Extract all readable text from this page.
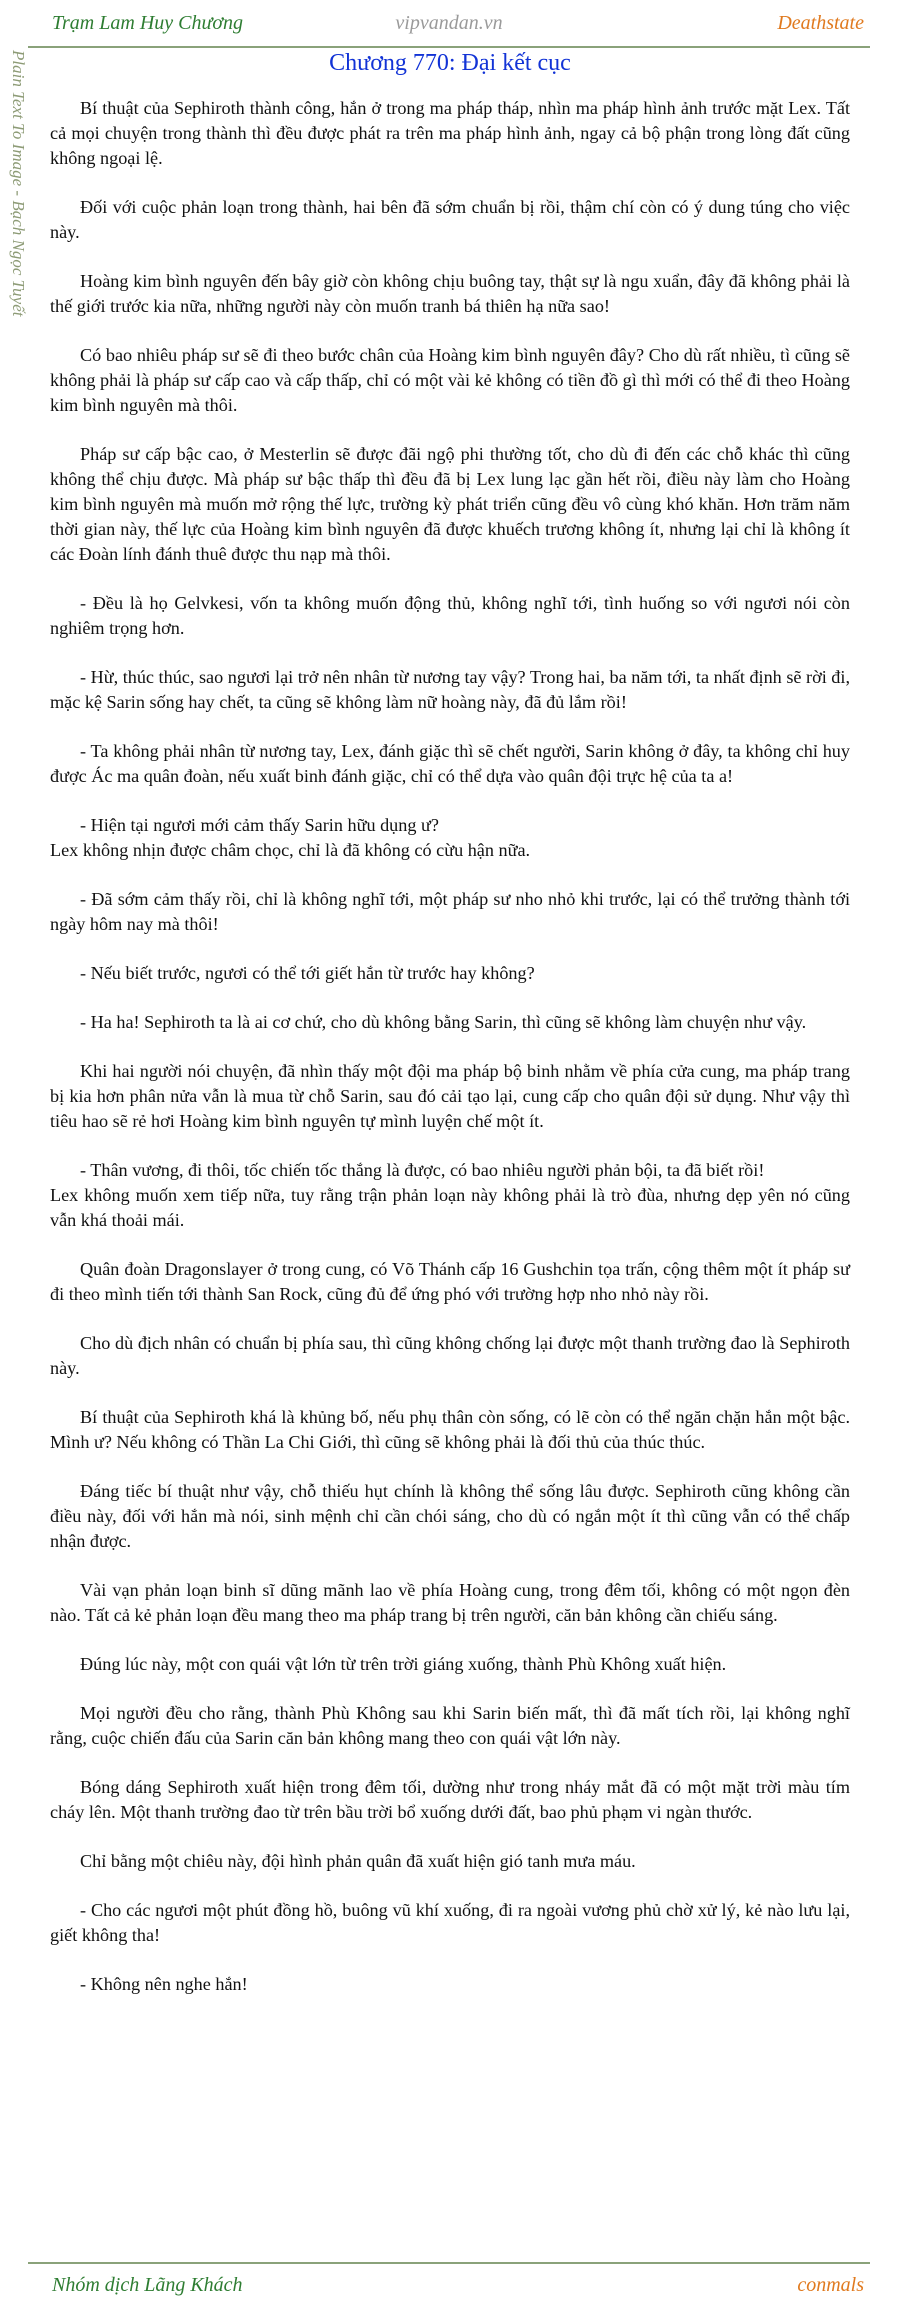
Trạm Lam Huy Chương	vipvandan.vn	Deathstate
Plain Text To Image - Bạch Ngọc Tuyết	Chương 770: Đại kết cục

Bí thuật của Sephiroth thành công, hắn ở trong ma pháp tháp, nhìn ma pháp hình ảnh trước mặt Lex. Tất cả mọi chuyện trong thành thì đều được phát ra trên ma pháp hình ảnh, ngay cả bộ phận trong lòng đất cũng không ngoại lệ.

Đối với cuộc phản loạn trong thành, hai bên đã sớm chuẩn bị rồi, thậm chí còn có ý dung túng cho việc này.

Hoàng kim bình nguyên đến bây giờ còn không chịu buông tay, thật sự là ngu xuẩn, đây đã không phải là thế giới trước kia nữa, những người này còn muốn tranh bá thiên hạ nữa sao!

Có bao nhiêu pháp sư sẽ đi theo bước chân của Hoàng kim bình nguyên đây? Cho dù rất nhiều, tì cũng sẽ không phải là pháp sư cấp cao và cấp thấp, chỉ có một vài kẻ không có tiền đồ gì thì mới có thể đi theo Hoàng kim bình nguyên mà thôi.

Pháp sư cấp bậc cao, ở Mesterlin sẽ được đãi ngộ phi thường tốt, cho dù đi đến các chỗ khác thì cũng không thể chịu được. Mà pháp sư bậc thấp thì đều đã bị Lex lung lạc gần hết rồi, điều này làm cho Hoàng kim bình nguyên mà muốn mở rộng thế lực, trường kỳ phát triển cũng đều vô cùng khó khăn. Hơn trăm năm thời gian này, thế lực của Hoàng kim bình nguyên đã được khuếch trương không ít, nhưng lại chỉ là không ít các Đoàn lính đánh thuê được thu nạp mà thôi.

- Đều là họ Gelvkesi, vốn ta không muốn động thủ, không nghĩ tới, tình huống so với ngươi nói còn nghiêm trọng hơn.

- Hừ, thúc thúc, sao ngươi lại trở nên nhân từ nương tay vậy? Trong hai, ba năm tới, ta nhất định sẽ rời đi, mặc kệ Sarin sống hay chết, ta cũng sẽ không làm nữ hoàng này, đã đủ lắm rồi!

- Ta không phải nhân từ nương tay, Lex, đánh giặc thì sẽ chết người, Sarin không ở đây, ta không chỉ huy được Ác ma quân đoàn, nếu xuất binh đánh giặc, chỉ có thể dựa vào quân đội trực hệ của ta a!

- Hiện tại ngươi mới cảm thấy Sarin hữu dụng ư?

Lex không nhịn được châm chọc, chỉ là đã không có cừu hận nữa.

- Đã sớm cảm thấy rồi, chỉ là không nghĩ tới, một pháp sư nho nhỏ khi trước, lại có thể trưởng thành tới ngày hôm nay mà thôi!

- Nếu biết trước, ngươi có thể tới giết hắn từ trước hay không?

- Ha ha! Sephiroth ta là ai cơ chứ, cho dù không bằng Sarin, thì cũng sẽ không làm chuyện như vậy.

Khi hai người nói chuyện, đã nhìn thấy một đội ma pháp bộ binh nhằm về phía cửa cung, ma pháp trang bị kia hơn phân nửa vẫn là mua từ chỗ Sarin, sau đó cải tạo lại, cung cấp cho quân đội sử dụng. Như vậy thì tiêu hao sẽ rẻ hơi Hoàng kim bình nguyên tự mình luyện chế một ít.

- Thân vương, đi thôi, tốc chiến tốc thắng là được, có bao nhiêu người phản bội, ta đã biết rồi!

Lex không muốn xem tiếp nữa, tuy rằng trận phản loạn này không phải là trò đùa, nhưng dẹp yên nó cũng vẫn khá thoải mái.

Quân đoàn Dragonslayer ở trong cung, có Võ Thánh cấp 16 Gushchin tọa trấn, cộng thêm một ít pháp sư đi theo mình tiến tới thành San Rock, cũng đủ để ứng phó với trường hợp nho nhỏ này rồi.

Cho dù địch nhân có chuẩn bị phía sau, thì cũng không chống lại được một thanh trường đao là Sephiroth này.

Bí thuật của Sephiroth khá là khủng bố, nếu phụ thân còn sống, có lẽ còn có thể ngăn chặn hắn một bậc. Mình ư? Nếu không có Thần La Chi Giới, thì cũng sẽ không phải là đối thủ của thúc thúc.

Đáng tiếc bí thuật như vậy, chỗ thiếu hụt chính là không thể sống lâu được. Sephiroth cũng không cần điều này, đối với hắn mà nói, sinh mệnh chỉ cần chói sáng, cho dù có ngắn một ít thì cũng vẫn có thể chấp nhận được.

Vài vạn phản loạn binh sĩ dũng mãnh lao về phía Hoàng cung, trong đêm tối, không có một ngọn đèn nào. Tất cả kẻ phản loạn đều mang theo ma pháp trang bị trên người, căn bản không cần chiếu sáng.

Đúng lúc này, một con quái vật lớn từ trên trời giáng xuống, thành Phù Không xuất hiện.

Mọi người đều cho rằng, thành Phù Không sau khi Sarin biến mất, thì đã mất tích rồi, lại không nghĩ rằng, cuộc chiến đấu của Sarin căn bản không mang theo con quái vật lớn này.

Bóng dáng Sephiroth xuất hiện trong đêm tối, dường như trong nháy mắt đã có một mặt trời màu tím cháy lên. Một thanh trường đao từ trên bầu trời bổ xuống dưới đất, bao phủ phạm vi ngàn thước.

Chỉ bằng một chiêu này, đội hình phản quân đã xuất hiện gió tanh mưa máu.

- Cho các ngươi một phút đồng hồ, buông vũ khí xuống, đi ra ngoài vương phủ chờ xử lý, kẻ nào lưu lại, giết không tha!

- Không nên nghe hắn!

Nhóm dịch Lãng Khách	conmals
